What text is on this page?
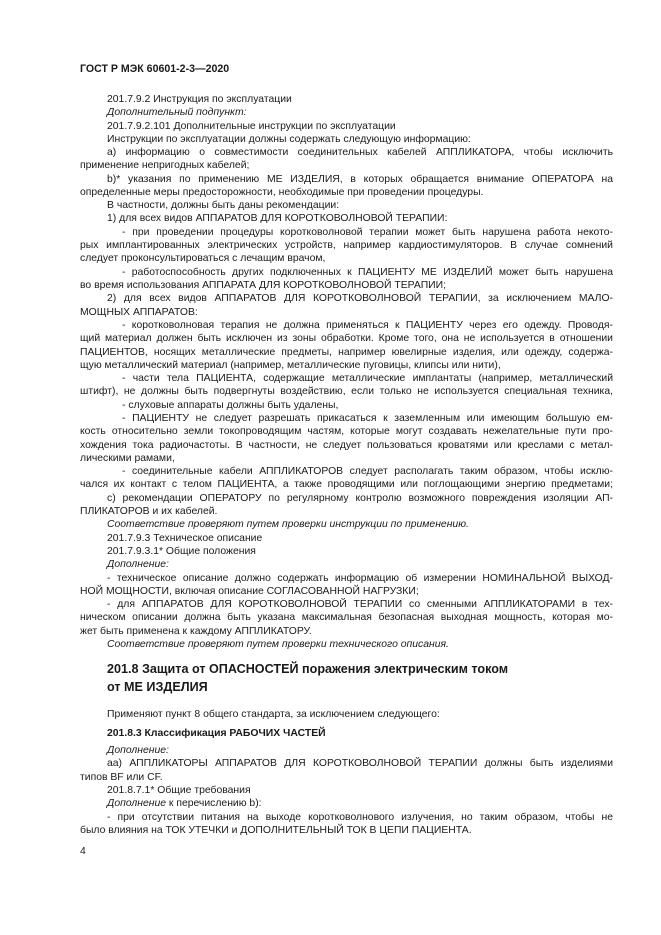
ГОСТ Р МЭК 60601-2-3—2020
201.7.9.2 Инструкция по эксплуатации
Дополнительный подпункт:
201.7.9.2.101 Дополнительные инструкции по эксплуатации
Инструкции по эксплуатации должны содержать следующую информацию:
а) информацию о совместимости соединительных кабелей АППЛИКАТОРА, чтобы исключить
применение непригодных кабелей;
b)* указания по применению МЕ ИЗДЕЛИЯ, в которых обращается внимание ОПЕРАТОРА на
определенные меры предосторожности, необходимые при проведении процедуры.
В частности, должны быть даны рекомендации:
1) для всех видов АППАРАТОВ ДЛЯ КОРОТКОВОЛНОВОЙ ТЕРАПИИ:
- при проведении процедуры коротковолновой терапии может быть нарушена работа некото-
рых имплантированных электрических устройств, например кардиостимуляторов. В случае сомнений
следует проконсультироваться с лечащим врачом,
- работоспособность других подключенных к ПАЦИЕНТУ МЕ ИЗДЕЛИЙ может быть нарушена
во время использования АППАРАТА ДЛЯ КОРОТКОВОЛНОВОЙ ТЕРАПИИ;
2) для всех видов АППАРАТОВ ДЛЯ КОРОТКОВОЛНОВОЙ ТЕРАПИИ, за исключением МАЛО-
МОЩНЫХ АППАРАТОВ:
- коротковолновая терапия не должна применяться к ПАЦИЕНТУ через его одежду. Проводя-
щий материал должен быть исключен из зоны обработки. Кроме того, она не используется в отношении
ПАЦИЕНТОВ, носящих металлические предметы, например ювелирные изделия, или одежду, содержа-
щую металлический материал (например, металлические пуговицы, клипсы или нити),
- части тела ПАЦИЕНТА, содержащие металлические имплантаты (например, металлический
штифт), не должны быть подвергнуты воздействию, если только не используется специальная техника,
- слуховые аппараты должны быть удалены,
- ПАЦИЕНТУ не следует разрешать прикасаться к заземленным или имеющим большую ем-
кость относительно земли токопроводящим частям, которые могут создавать нежелательные пути про-
хождения тока радиочастоты. В частности, не следует пользоваться кроватями или креслами с метал-
лическими рамами,
- соединительные кабели АППЛИКАТОРОВ следует располагать таким образом, чтобы исклю-
чался их контакт с телом ПАЦИЕНТА, а также проводящими или поглощающими энергию предметами;
с) рекомендации ОПЕРАТОРУ по регулярному контролю возможного повреждения изоляции АП-
ПЛИКАТОРОВ и их кабелей.
Соответствие проверяют путем проверки инструкции по применению.
201.7.9.3 Техническое описание
201.7.9.3.1* Общие положения
Дополнение:
- техническое описание должно содержать информацию об измерении НОМИНАЛЬНОЙ ВЫХОД-
НОЙ МОЩНОСТИ, включая описание СОГЛАСОВАННОЙ НАГРУЗКИ;
- для АППАРАТОВ ДЛЯ КОРОТКОВОЛНОВОЙ ТЕРАПИИ со сменными АППЛИКАТОРАМИ в тех-
ническом описании должна быть указана максимальная безопасная выходная мощность, которая мо-
жет быть применена к каждому АППЛИКАТОРУ.
Соответствие проверяют путем проверки технического описания.
201.8 Защита от ОПАСНОСТЕЙ поражения электрическим током
от МЕ ИЗДЕЛИЯ
Применяют пункт 8 общего стандарта, за исключением следующего:
201.8.3 Классификация РАБОЧИХ ЧАСТЕЙ
Дополнение:
аа) АППЛИКАТОРЫ АППАРАТОВ ДЛЯ КОРОТКОВОЛНОВОЙ ТЕРАПИИ должны быть изделиями
типов BF или CF.
201.8.7.1* Общие требования
Дополнение к перечислению b):
- при отсутствии питания на выходе коротковолнового излучения, но таким образом, чтобы не
было влияния на ТОК УТЕЧКИ и ДОПОЛНИТЕЛЬНЫЙ ТОК В ЦЕПИ ПАЦИЕНТА.
4
